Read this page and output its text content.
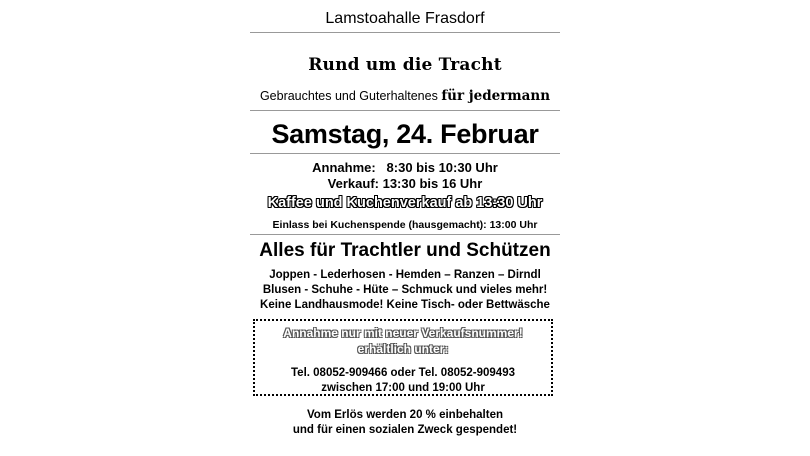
Lamstoahalle Frasdorf
Rund um die Tracht
Gebrauchtes und Guterhaltenes für jedermann
Samstag, 24. Februar
Annahme:   8:30 bis 10:30 Uhr
Verkauf: 13:30 bis 16 Uhr
Kaffee und Kuchenverkauf ab 13:30 Uhr
Einlass bei Kuchenspende (hausgemacht): 13:00 Uhr
Alles für Trachtler und Schützen
Joppen - Lederhosen - Hemden – Ranzen – Dirndl
Blusen - Schuhe - Hüte – Schmuck und vieles mehr!
Keine Landhausmode! Keine Tisch- oder Bettwäsche
Annahme nur mit neuer Verkaufsnummer!
erhältlich unter:
Tel. 08052-909466 oder Tel. 08052-909493
zwischen 17:00 und 19:00 Uhr
Vom Erlös werden 20 % einbehalten
und für einen sozialen Zweck gespendet!
